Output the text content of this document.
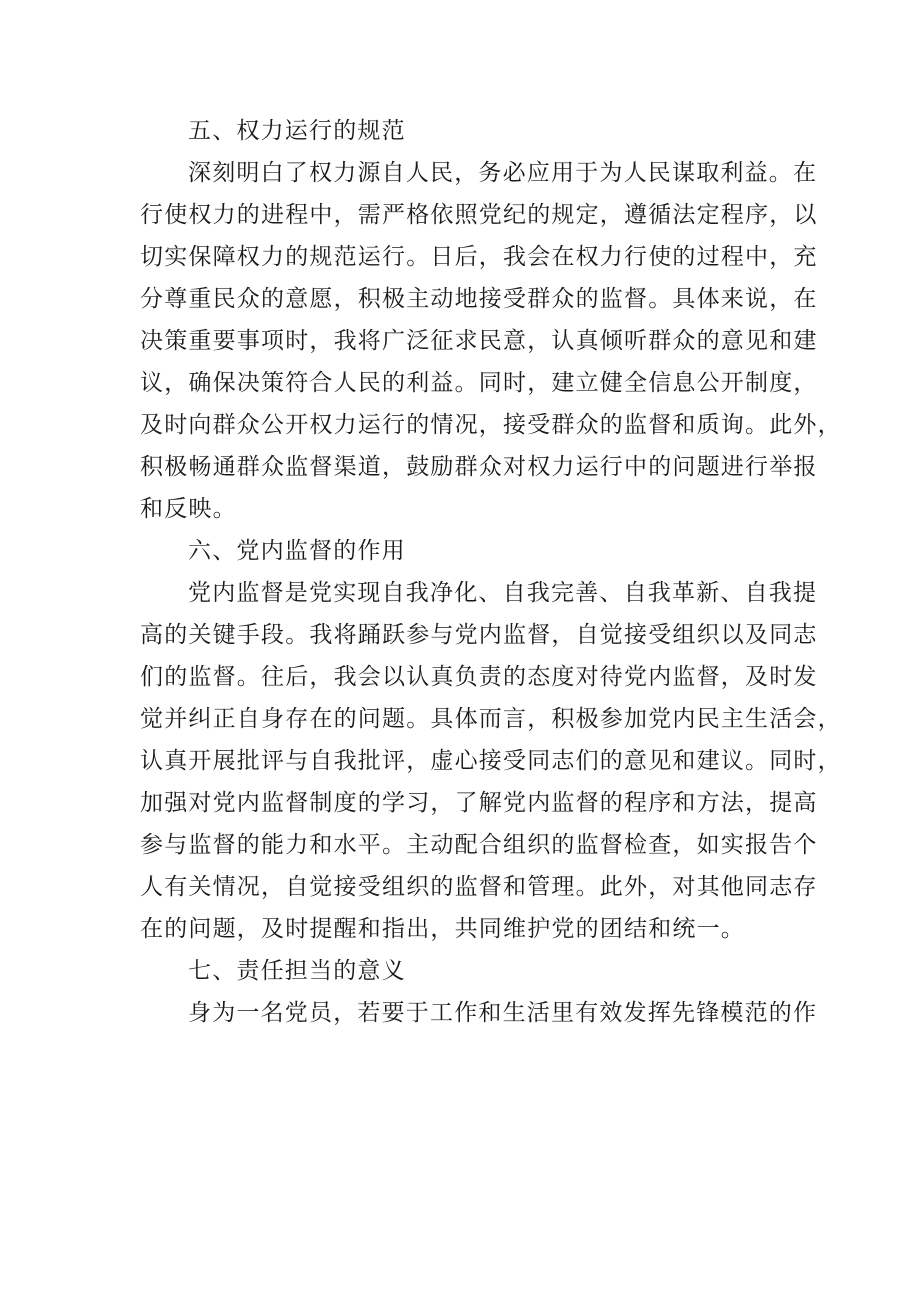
五、权力运行的规范
深刻明白了权力源自人民，务必应用于为人民谋取利益。在
行使权力的进程中，需严格依照党纪的规定，遵循法定程序，以
切实保障权力的规范运行。日后，我会在权力行使的过程中，充
分尊重民众的意愿，积极主动地接受群众的监督。具体来说，在
决策重要事项时，我将广泛征求民意，认真倾听群众的意见和建
议，确保决策符合人民的利益。同时，建立健全信息公开制度，
及时向群众公开权力运行的情况，接受群众的监督和质询。此外，
积极畅通群众监督渠道，鼓励群众对权力运行中的问题进行举报
和反映。
六、党内监督的作用
党内监督是党实现自我净化、自我完善、自我革新、自我提
高的关键手段。我将踊跃参与党内监督，自觉接受组织以及同志
们的监督。往后，我会以认真负责的态度对待党内监督，及时发
觉并纠正自身存在的问题。具体而言，积极参加党内民主生活会，
认真开展批评与自我批评，虚心接受同志们的意见和建议。同时，
加强对党内监督制度的学习，了解党内监督的程序和方法，提高
参与监督的能力和水平。主动配合组织的监督检查，如实报告个
人有关情况，自觉接受组织的监督和管理。此外，对其他同志存
在的问题，及时提醒和指出，共同维护党的团结和统一。
七、责任担当的意义
身为一名党员，若要于工作和生活里有效发挥先锋模范的作
